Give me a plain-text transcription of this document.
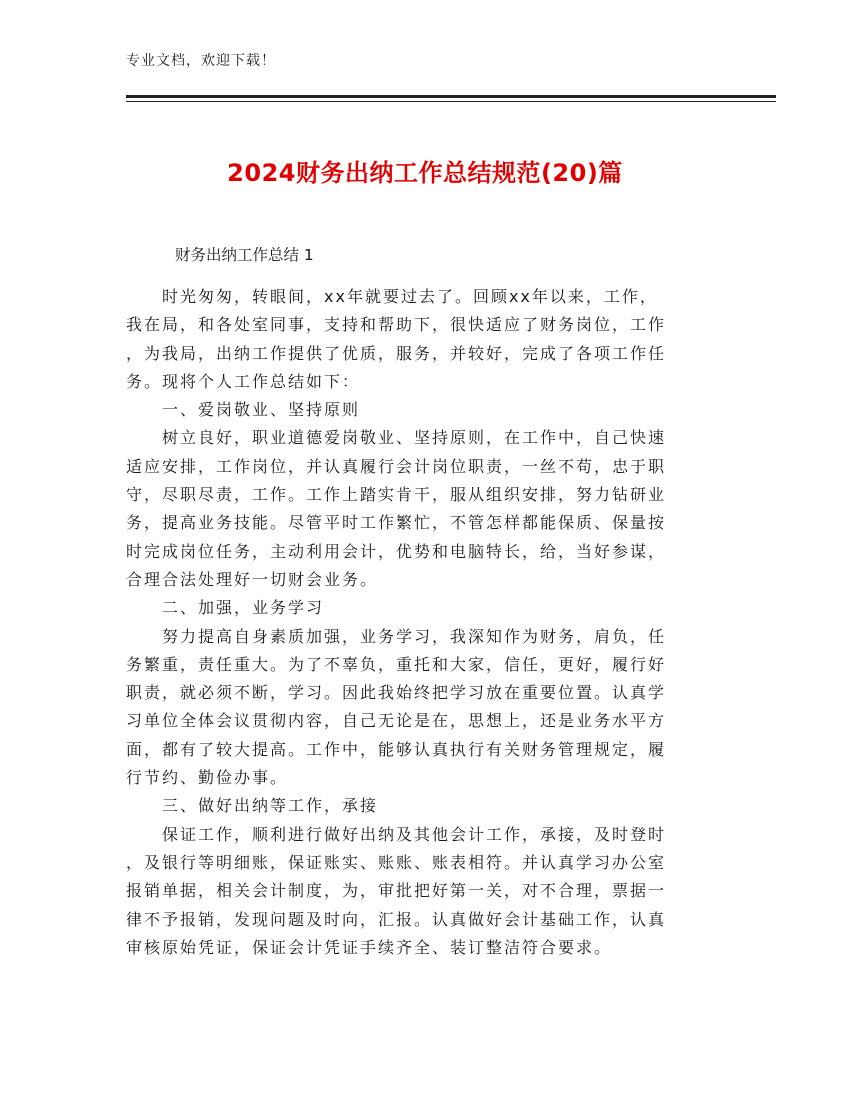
专业文档，欢迎下载！
2024财务出纳工作总结规范(20)篇
财务出纳工作总结 1
　　时光匆匆，转眼间，xx年就要过去了。回顾xx年以来，工作，
我在局，和各处室同事，支持和帮助下，很快适应了财务岗位，工作
，为我局，出纳工作提供了优质，服务，并较好，完成了各项工作任
务。现将个人工作总结如下：
　　一、爱岗敬业、坚持原则
　　树立良好，职业道德爱岗敬业、坚持原则，在工作中，自己快速
适应安排，工作岗位，并认真履行会计岗位职责，一丝不苟，忠于职
守，尽职尽责，工作。工作上踏实肯干，服从组织安排，努力钻研业
务，提高业务技能。尽管平时工作繁忙，不管怎样都能保质、保量按
时完成岗位任务，主动利用会计，优势和电脑特长，给，当好参谋，
合理合法处理好一切财会业务。
　　二、加强，业务学习
　　努力提高自身素质加强，业务学习，我深知作为财务，肩负，任
务繁重，责任重大。为了不辜负，重托和大家，信任，更好，履行好
职责，就必须不断，学习。因此我始终把学习放在重要位置。认真学
习单位全体会议贯彻内容，自己无论是在，思想上，还是业务水平方
面，都有了较大提高。工作中，能够认真执行有关财务管理规定，履
行节约、勤俭办事。
　　三、做好出纳等工作，承接
　　保证工作，顺利进行做好出纳及其他会计工作，承接，及时登时
，及银行等明细账，保证账实、账账、账表相符。并认真学习办公室
报销单据，相关会计制度，为，审批把好第一关，对不合理，票据一
律不予报销，发现问题及时向，汇报。认真做好会计基础工作，认真
审核原始凭证，保证会计凭证手续齐全、装订整洁符合要求。
